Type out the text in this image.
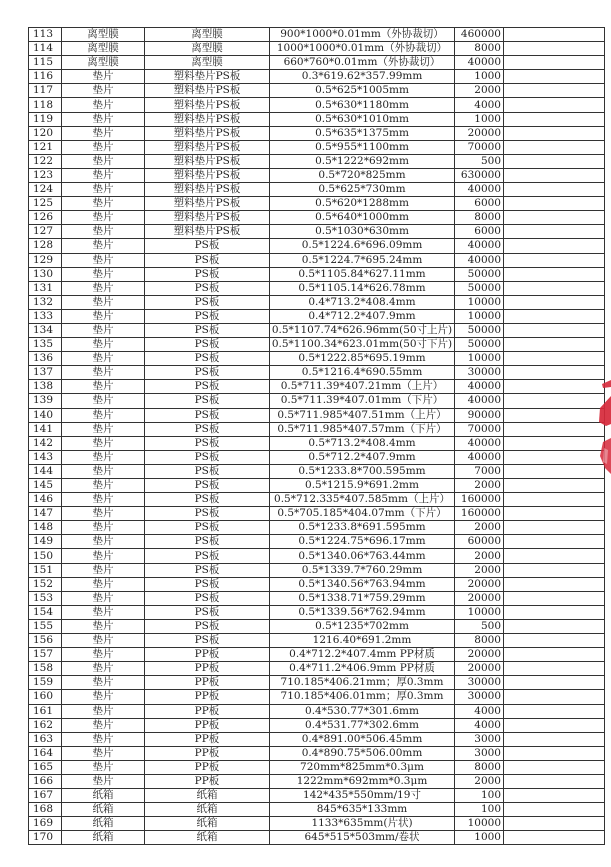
113	离型膜	离型膜	900*1000*0.01mm（外协裁切）	460000	
114	离型膜	离型膜	1000*1000*0.01mm（外协裁切）	8000	
115	离型膜	离型膜	660*760*0.01mm（外协裁切）	40000	
116	垫片	塑料垫片PS板	0.3*619.62*357.99mm	1000	
117	垫片	塑料垫片PS板	0.5*625*1005mm	2000	
118	垫片	塑料垫片PS板	0.5*630*1180mm	4000	
119	垫片	塑料垫片PS板	0.5*630*1010mm	1000	
120	垫片	塑料垫片PS板	0.5*635*1375mm	20000	
121	垫片	塑料垫片PS板	0.5*955*1100mm	70000	
122	垫片	塑料垫片PS板	0.5*1222*692mm	500	
123	垫片	塑料垫片PS板	0.5*720*825mm	630000	
124	垫片	塑料垫片PS板	0.5*625*730mm	40000	
125	垫片	塑料垫片PS板	0.5*620*1288mm	6000	
126	垫片	塑料垫片PS板	0.5*640*1000mm	8000	
127	垫片	塑料垫片PS板	0.5*1030*630mm	6000	
128	垫片	PS板	0.5*1224.6*696.09mm	40000	
129	垫片	PS板	0.5*1224.7*695.24mm	40000	
130	垫片	PS板	0.5*1105.84*627.11mm	50000	
131	垫片	PS板	0.5*1105.14*626.78mm	50000	
132	垫片	PS板	0.4*713.2*408.4mm	10000	
133	垫片	PS板	0.4*712.2*407.9mm	10000	
134	垫片	PS板	0.5*1107.74*626.96mm(50寸上片)	50000	
135	垫片	PS板	0.5*1100.34*623.01mm(50寸下片)	50000	
136	垫片	PS板	0.5*1222.85*695.19mm	10000	
137	垫片	PS板	0.5*1216.4*690.55mm	30000	
138	垫片	PS板	0.5*711.39*407.21mm（上片）	40000	
139	垫片	PS板	0.5*711.39*407.01mm（下片）	40000	
140	垫片	PS板	0.5*711.985*407.51mm（上片）	90000	
141	垫片	PS板	0.5*711.985*407.57mm（下片）	70000	
142	垫片	PS板	0.5*713.2*408.4mm	40000	
143	垫片	PS板	0.5*712.2*407.9mm	40000	
144	垫片	PS板	0.5*1233.8*700.595mm	7000	
145	垫片	PS板	0.5*1215.9*691.2mm	2000	
146	垫片	PS板	0.5*712.335*407.585mm（上片）	160000	
147	垫片	PS板	0.5*705.185*404.07mm（下片）	160000	
148	垫片	PS板	0.5*1233.8*691.595mm	2000	
149	垫片	PS板	0.5*1224.75*696.17mm	60000	
150	垫片	PS板	0.5*1340.06*763.44mm	2000	
151	垫片	PS板	0.5*1339.7*760.29mm	2000	
152	垫片	PS板	0.5*1340.56*763.94mm	20000	
153	垫片	PS板	0.5*1338.71*759.29mm	20000	
154	垫片	PS板	0.5*1339.56*762.94mm	10000	
155	垫片	PS板	0.5*1235*702mm	500	
156	垫片	PS板	1216.40*691.2mm	8000	
157	垫片	PP板	0.4*712.2*407.4mm PP材质	20000	
158	垫片	PP板	0.4*711.2*406.9mm PP材质	20000	
159	垫片	PP板	710.185*406.21mm；厚0.3mm	30000	
160	垫片	PP板	710.185*406.01mm；厚0.3mm	30000	
161	垫片	PP板	0.4*530.77*301.6mm	4000	
162	垫片	PP板	0.4*531.77*302.6mm	4000	
163	垫片	PP板	0.4*891.00*506.45mm	3000	
164	垫片	PP板	0.4*890.75*506.00mm	3000	
165	垫片	PP板	720mm*825mm*0.3μm	8000	
166	垫片	PP板	1222mm*692mm*0.3μm	2000	
167	纸箱	纸箱	142*435*550mm/19寸	100	
168	纸箱	纸箱	845*635*133mm	100	
169	纸箱	纸箱	1133*635mm(片状)	10000	
170	纸箱	纸箱	645*515*503mm/卷状	1000	
